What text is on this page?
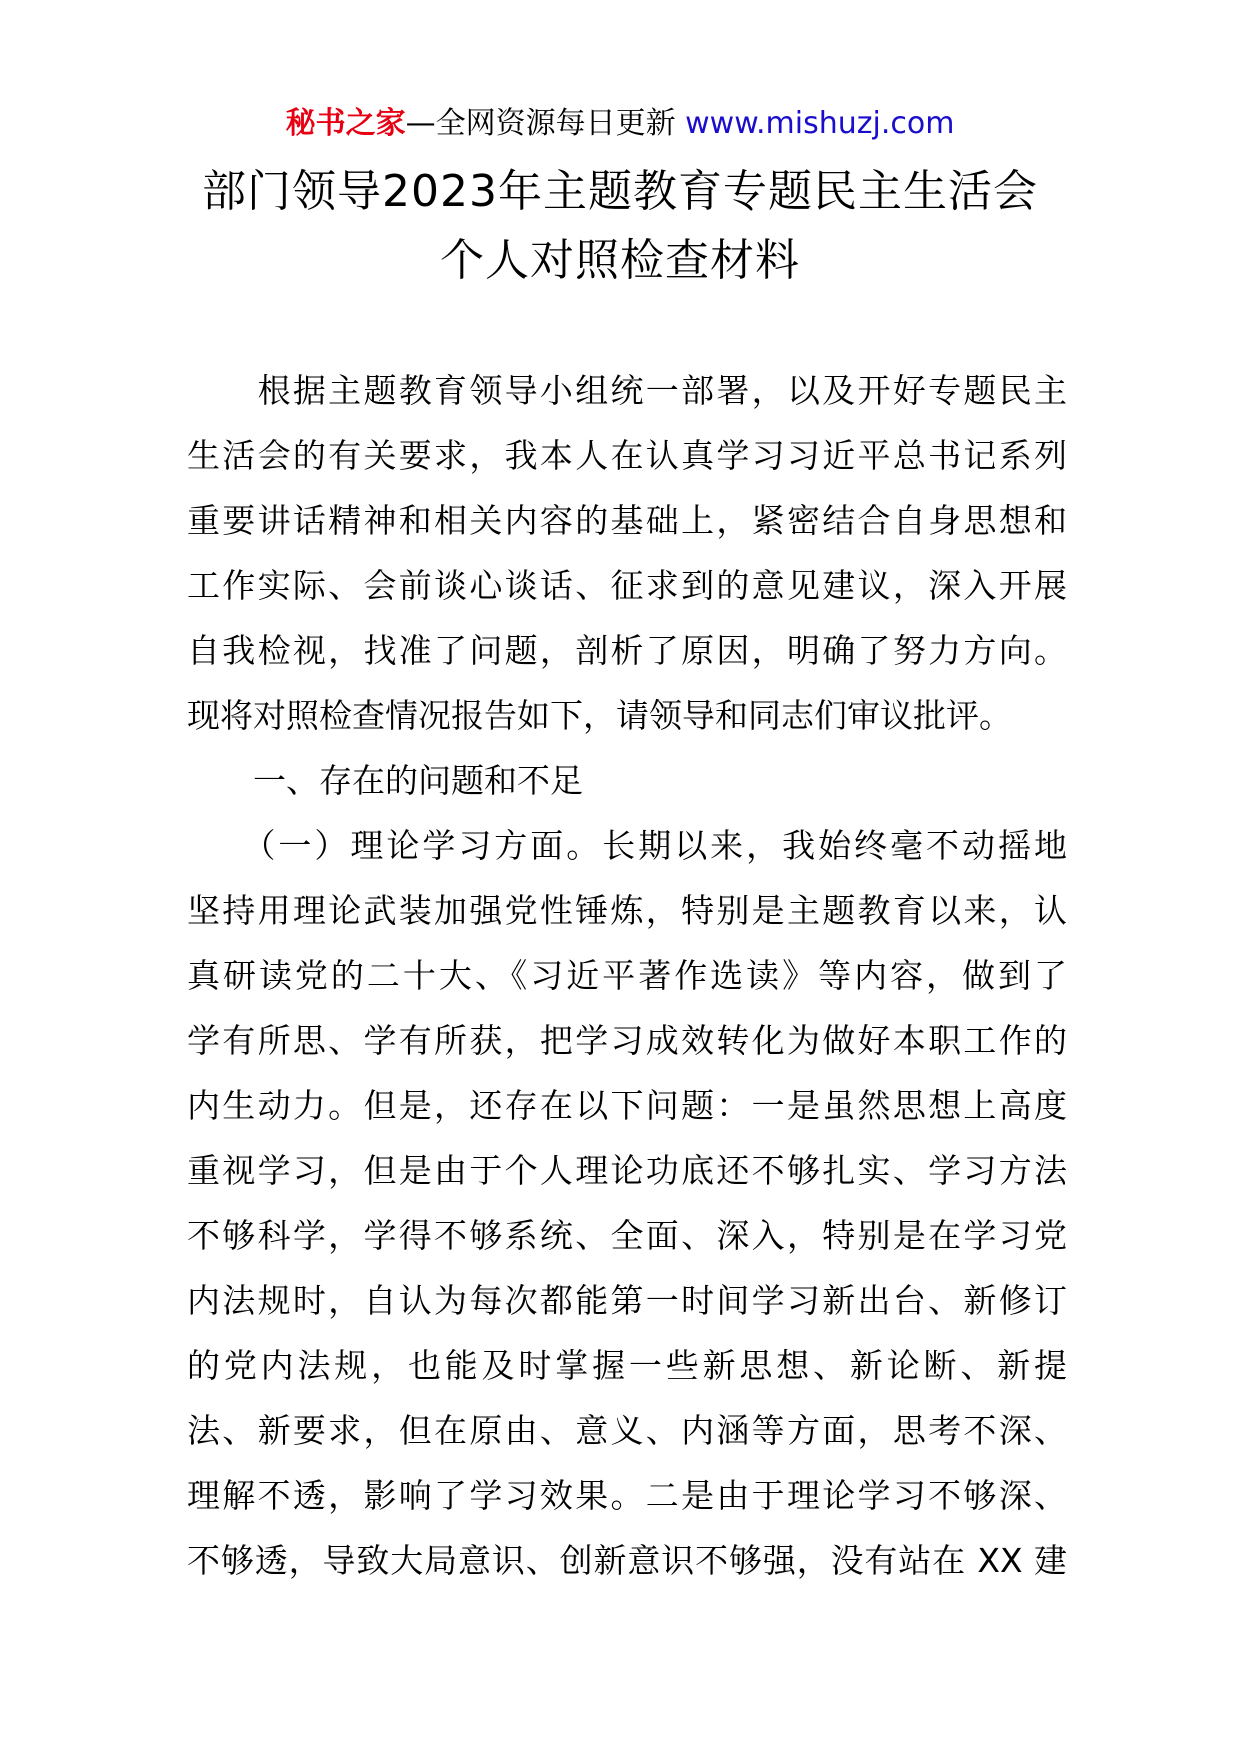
秘书之家—全网资源每日更新 www.mishuzj.com
部门领导2023年主题教育专题民主生活会
个人对照检查材料
　　根据主题教育领导小组统一部署，以及开好专题民主
生活会的有关要求，我本人在认真学习习近平总书记系列
重要讲话精神和相关内容的基础上，紧密结合自身思想和
工作实际、会前谈心谈话、征求到的意见建议，深入开展
自我检视，找准了问题，剖析了原因，明确了努力方向。
现将对照检查情况报告如下，请领导和同志们审议批评。
　　一、存在的问题和不足
　　（一）理论学习方面。长期以来，我始终毫不动摇地
坚持用理论武装加强党性锤炼，特别是主题教育以来，认
真研读党的二十大、《习近平著作选读》等内容，做到了
学有所思、学有所获，把学习成效转化为做好本职工作的
内生动力。但是，还存在以下问题：一是虽然思想上高度
重视学习，但是由于个人理论功底还不够扎实、学习方法
不够科学，学得不够系统、全面、深入，特别是在学习党
内法规时，自认为每次都能第一时间学习新出台、新修订
的党内法规，也能及时掌握一些新思想、新论断、新提
法、新要求，但在原由、意义、内涵等方面，思考不深、
理解不透，影响了学习效果。二是由于理论学习不够深、
不够透，导致大局意识、创新意识不够强，没有站在 XX 建
